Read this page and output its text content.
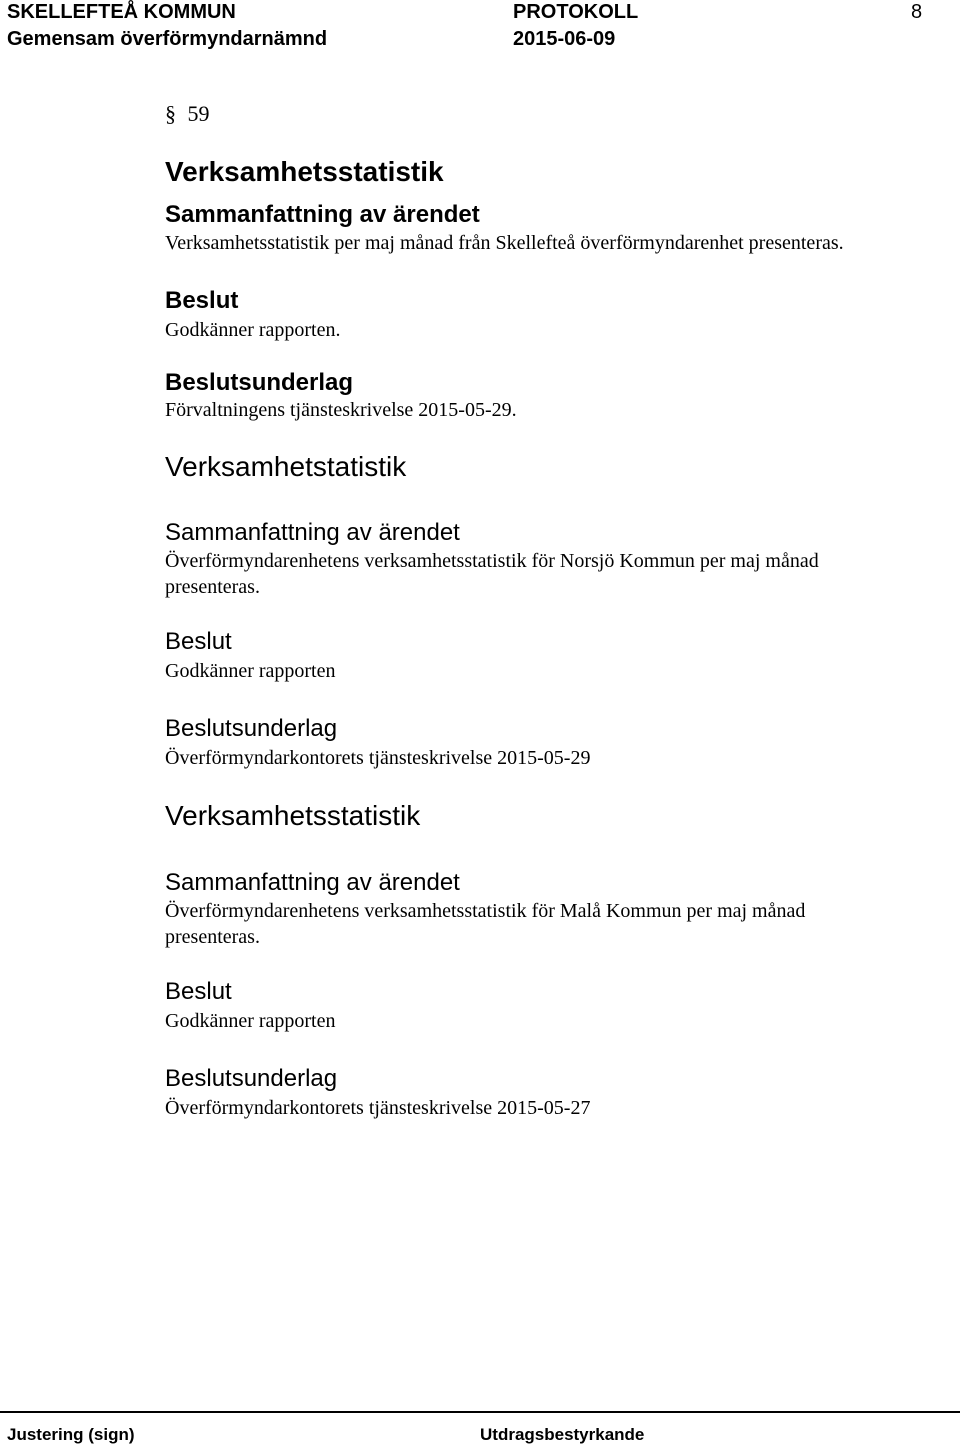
SKELLEFTEÅ KOMMUN	PROTOKOLL	8
Gemensam överförmyndarnämnd	2015-06-09
§ 59
Verksamhetsstatistik
Sammanfattning av ärendet
Verksamhetsstatistik per maj månad från Skellefteå överförmyndarenhet presenteras.
Beslut
Godkänner rapporten.
Beslutsunderlag
Förvaltningens tjänsteskrivelse 2015-05-29.
Verksamhetstatistik
Sammanfattning av ärendet
Överförmyndarenhetens verksamhetsstatistik för Norsjö Kommun per maj månad presenteras.
Beslut
Godkänner rapporten
Beslutsunderlag
Överförmyndarkontorets tjänsteskrivelse 2015-05-29
Verksamhetsstatistik
Sammanfattning av ärendet
Överförmyndarenhetens verksamhetsstatistik för Malå Kommun per maj månad presenteras.
Beslut
Godkänner rapporten
Beslutsunderlag
Överförmyndarkontorets tjänsteskrivelse 2015-05-27
Justering (sign)	Utdragsbestyrkande
